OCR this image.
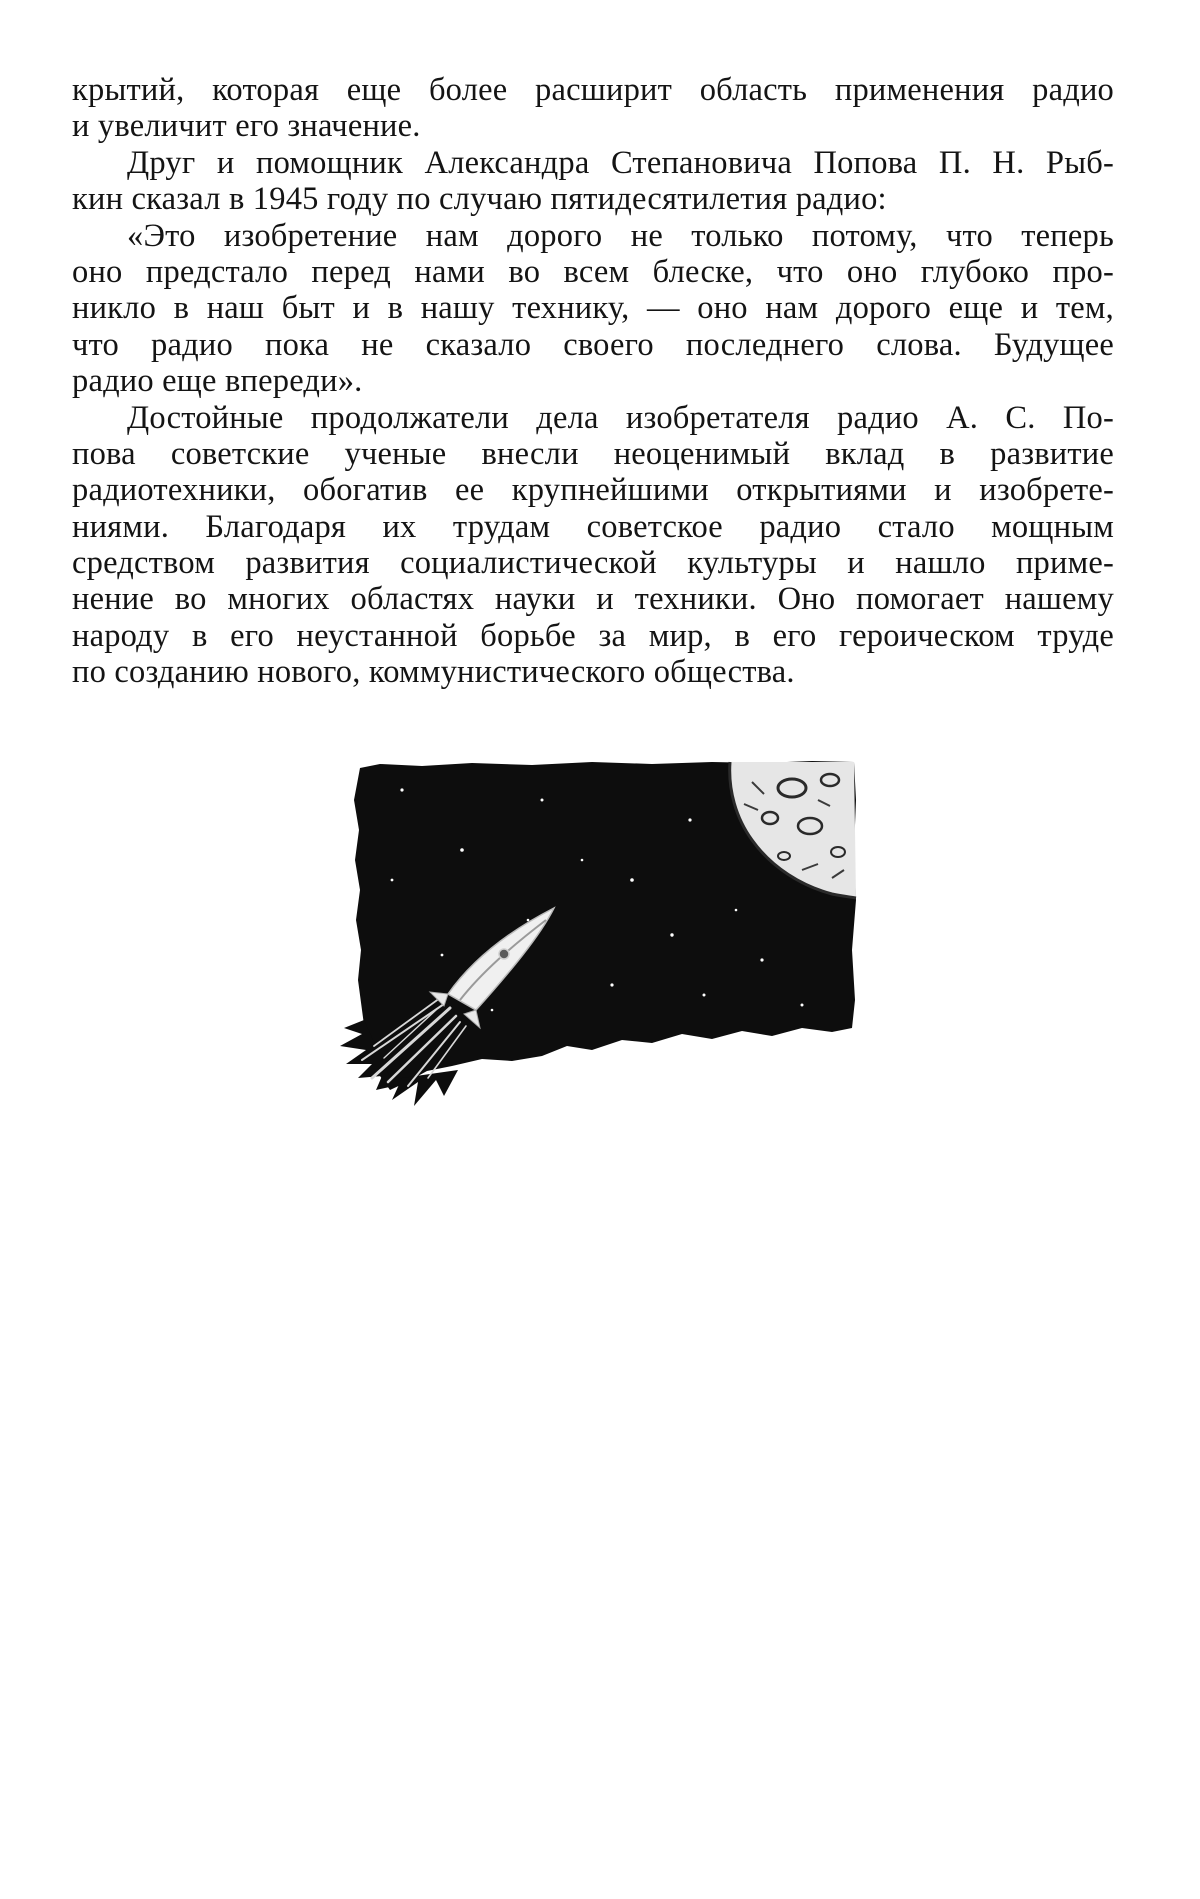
крытий, которая еще более расширит область применения радио
и увеличит его значение.
Друг и помощник Александра Степановича Попова П. Н. Рыб-
кин сказал в 1945 году по случаю пятидесятилетия радио:
«Это изобретение нам дорого не только потому, что теперь
оно предстало перед нами во всем блеске, что оно глубоко про-
никло в наш быт и в нашу технику, — оно нам дорого еще и тем,
что радио пока не сказало своего последнего слова. Будущее
радио еще впереди».
Достойные продолжатели дела изобретателя радио А. С. По-
пова советские ученые внесли неоценимый вклад в развитие
радиотехники, обогатив ее крупнейшими открытиями и изобрете-
ниями. Благодаря их трудам советское радио стало мощным
средством развития социалистической культуры и нашло приме-
нение во многих областях науки и техники. Оно помогает нашему
народу в его неустанной борьбе за мир, в его героическом труде
по созданию нового, коммунистического общества.
